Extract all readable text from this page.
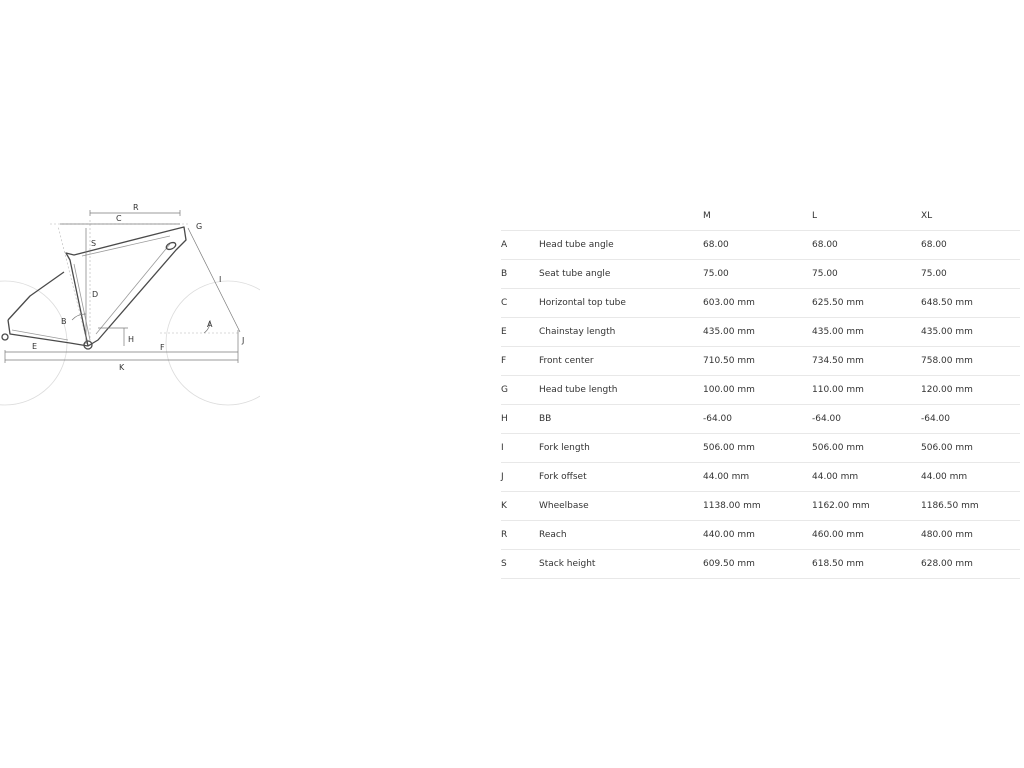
R
C
G
S
I
D
B	A
H	J
E	F
K
		M	L	XL
A	Head tube angle	68.00	68.00	68.00
B	Seat tube angle	75.00	75.00	75.00
C	Horizontal top tube	603.00 mm	625.50 mm	648.50 mm
E	Chainstay length	435.00 mm	435.00 mm	435.00 mm
F	Front center	710.50 mm	734.50 mm	758.00 mm
G	Head tube length	100.00 mm	110.00 mm	120.00 mm
H	BB	-64.00	-64.00	-64.00
I	Fork length	506.00 mm	506.00 mm	506.00 mm
J	Fork offset	44.00 mm	44.00 mm	44.00 mm
K	Wheelbase	1138.00 mm	1162.00 mm	1186.50 mm
R	Reach	440.00 mm	460.00 mm	480.00 mm
S	Stack height	609.50 mm	618.50 mm	628.00 mm
